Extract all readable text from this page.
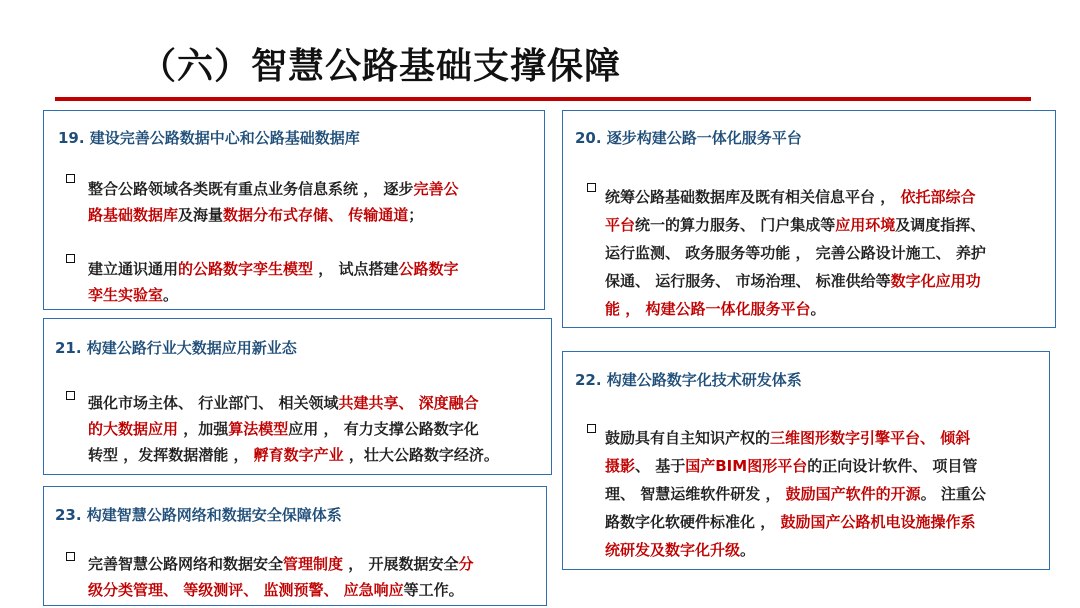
（六）智慧公路基础支撑保障
19. 建设完善公路数据中心和公路基础数据库
整合公路领域各类既有重点业务信息系统 ， 逐步完善公
路基础数据库及海量数据分布式存储、 传输通道；
建立通识通用的公路数字孪生模型 ， 试点搭建公路数字
孪生实验室。
20. 逐步构建公路一体化服务平台
统筹公路基础数据库及既有相关信息平台 ， 依托部综合
平台统一的算力服务、 门户集成等应用环境及调度指挥、
运行监测、 政务服务等功能 ， 完善公路设计施工、 养护
保通、 运行服务、 市场治理、 标准供给等数字化应用功
能 ， 构建公路一体化服务平台。
21. 构建公路行业大数据应用新业态
强化市场主体、 行业部门、 相关领域共建共享、 深度融合
的大数据应用 ，加强算法模型应用 ， 有力支撑公路数字化
转型 ，发挥数据潜能 ， 孵育数字产业 ，壮大公路数字经济。
22. 构建公路数字化技术研发体系
鼓励具有自主知识产权的三维图形数字引擎平台、 倾斜
摄影、 基于国产BIM图形平台的正向设计软件、 项目管
理、 智慧运维软件研发 ， 鼓励国产软件的开源。 注重公
路数字化软硬件标准化 ， 鼓励国产公路机电设施操作系
统研发及数字化升级。
23. 构建智慧公路网络和数据安全保障体系
完善智慧公路网络和数据安全管理制度 ， 开展数据安全分
级分类管理、 等级测评、 监测预警、 应急响应等工作。
